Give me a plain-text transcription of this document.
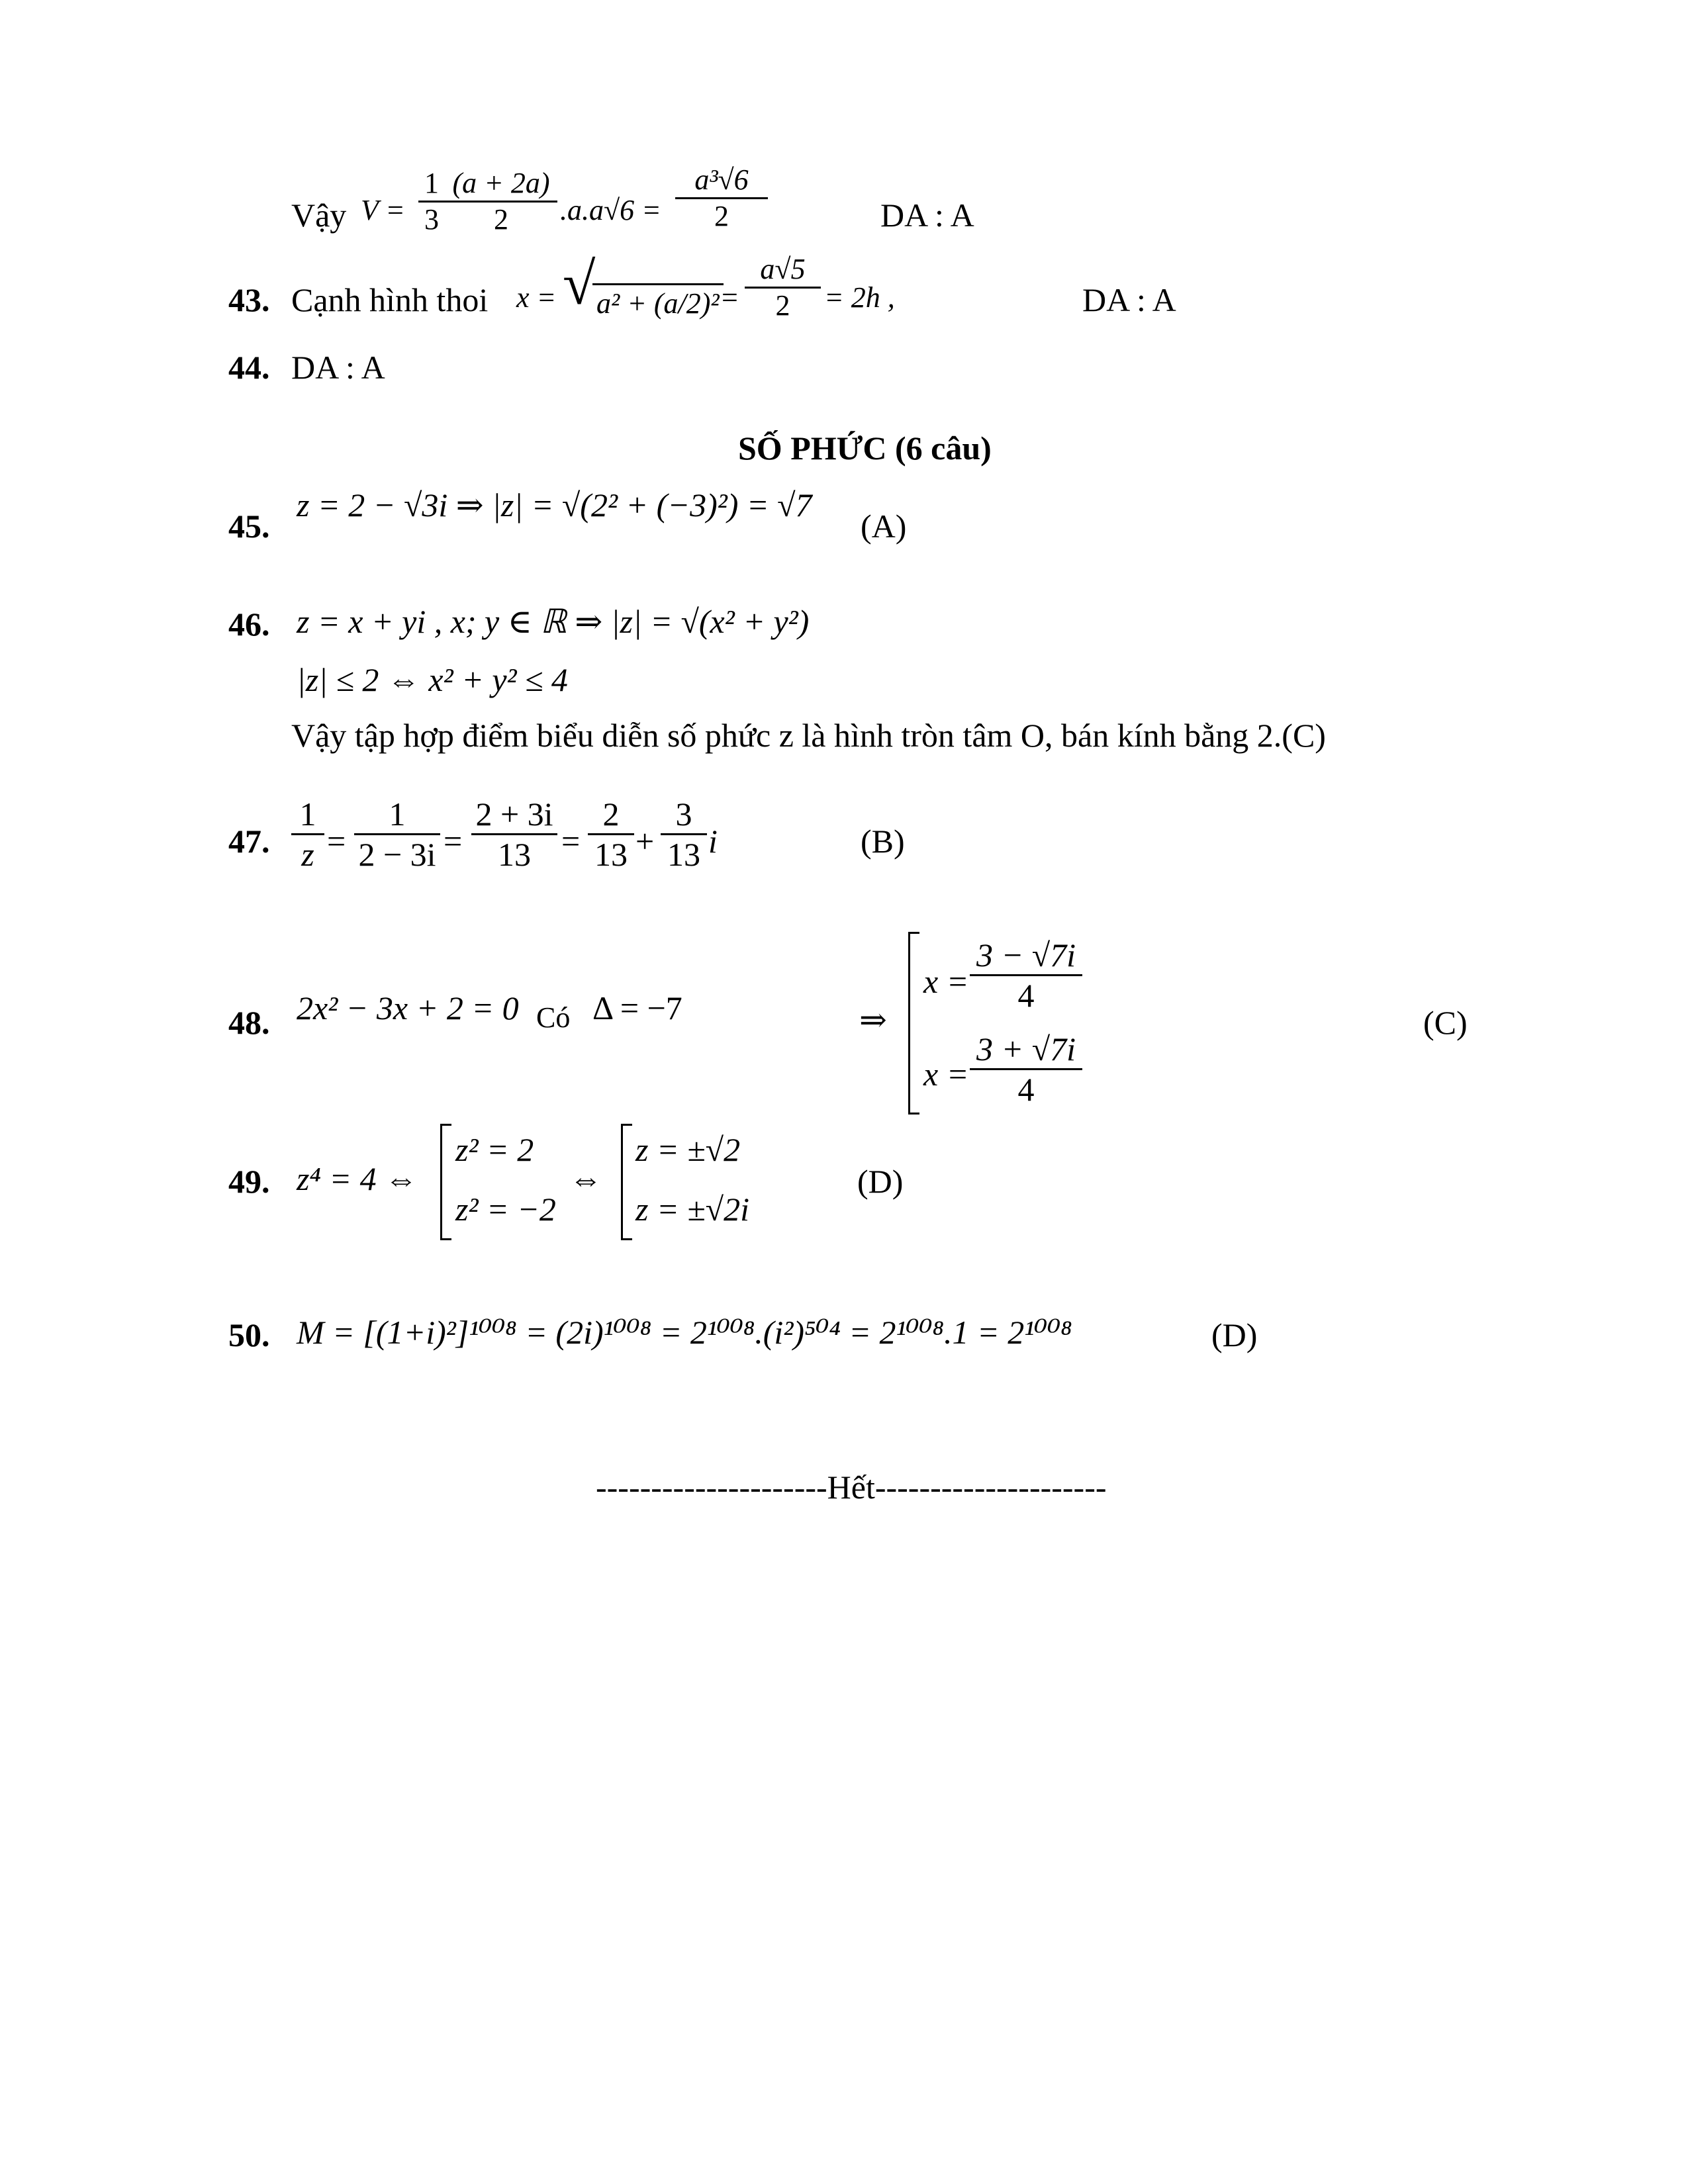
Vậy V =
1
3
(a + 2a)
2	.a.a√6 =
a³√6
2	DA : A
43. Cạnh hình thoi x = √ a² + (a/2)² =
a√5
2	= 2h ,	DA : A
44. DA : A
SỐ PHỨC (6 câu)
45.
z = 2 − √3i ⇒ |z| = √(2² + (−3)²) = √7
(A)
46. z = x + yi , x; y ∈ ℝ ⇒ |z| = √(x² + y²)
|z| ≤ 2 ⇔ x² + y² ≤ 4
Vậy tập hợp điểm biểu diễn số phức z là hình tròn tâm O, bán kính bằng 2.(C)
47.
1
z =
1
2 − 3i =
2 + 3i
13 =
2
13 +
3
13 i	(B)
48. 2x² − 3x + 2 = 0 Có Δ = −7	⇒
x =
3 − √7i
4
x =
3 + √7i
4
(C)
49. z⁴ = 4 ⇔
z² = 2
z² = −2
⇔
z = ±√2
z = ±√2i
(D)
50. M = [(1+i)²]¹⁰⁰⁸ = (2i)¹⁰⁰⁸ = 2¹⁰⁰⁸.(i²)⁵⁰⁴ = 2¹⁰⁰⁸.1 = 2¹⁰⁰⁸	(D)
---------------------Hết---------------------
